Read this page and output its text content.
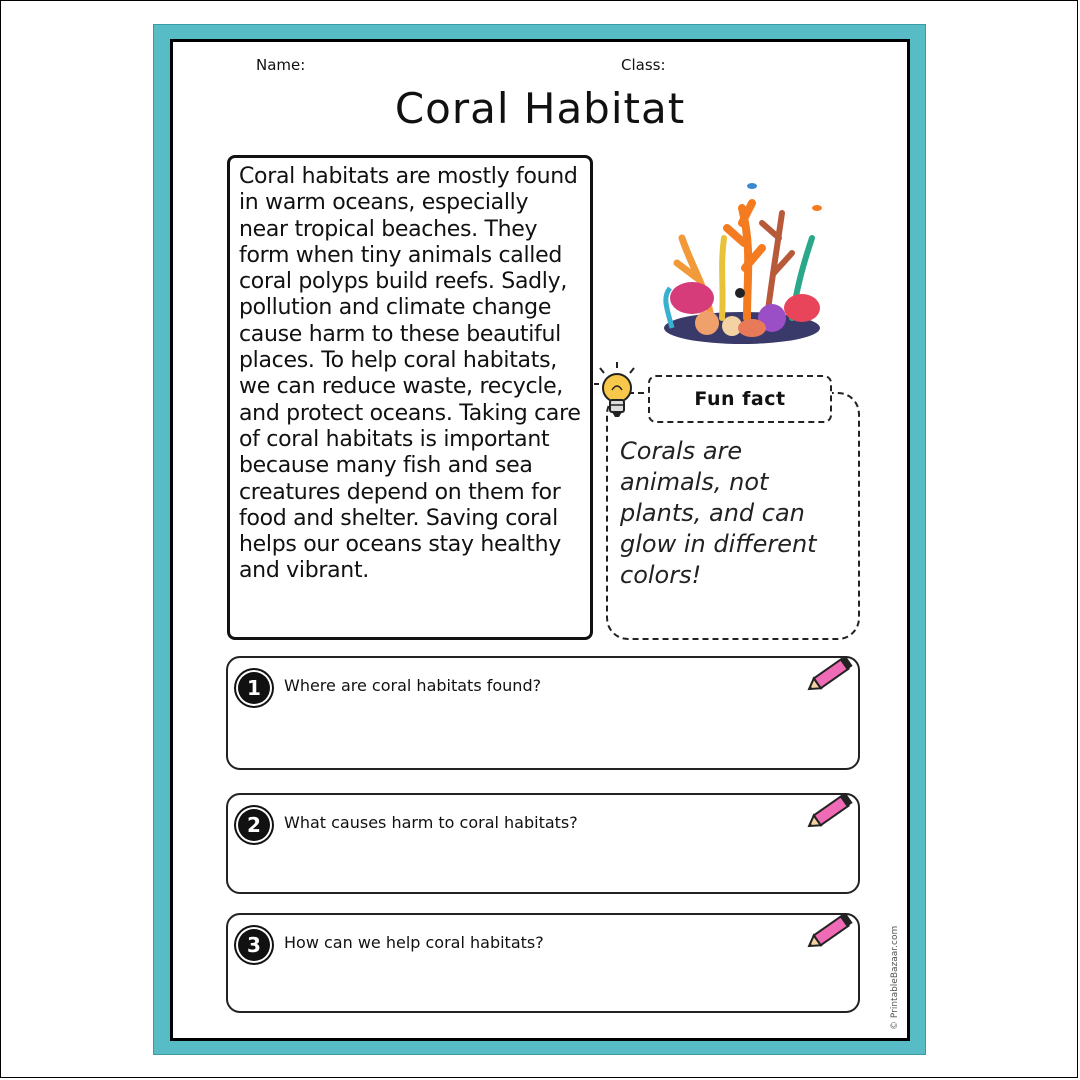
Name:	Class:
Coral Habitat

Coral habitats are mostly found in warm oceans, especially near tropical beaches. They form when tiny animals called coral polyps build reefs. Sadly, pollution and climate change cause harm to these beautiful places. To help coral habitats, we can reduce waste, recycle, and protect oceans. Taking care of coral habitats is important because many fish and sea creatures depend on them for food and shelter. Saving coral helps our oceans stay healthy and vibrant.

Corals are animals, not plants, and can glow in different colors!

Fun fact
1	Where are coral habitats found?
2	What causes harm to coral habitats?
3	How can we help coral habitats?	© PrintableBazaar.com
